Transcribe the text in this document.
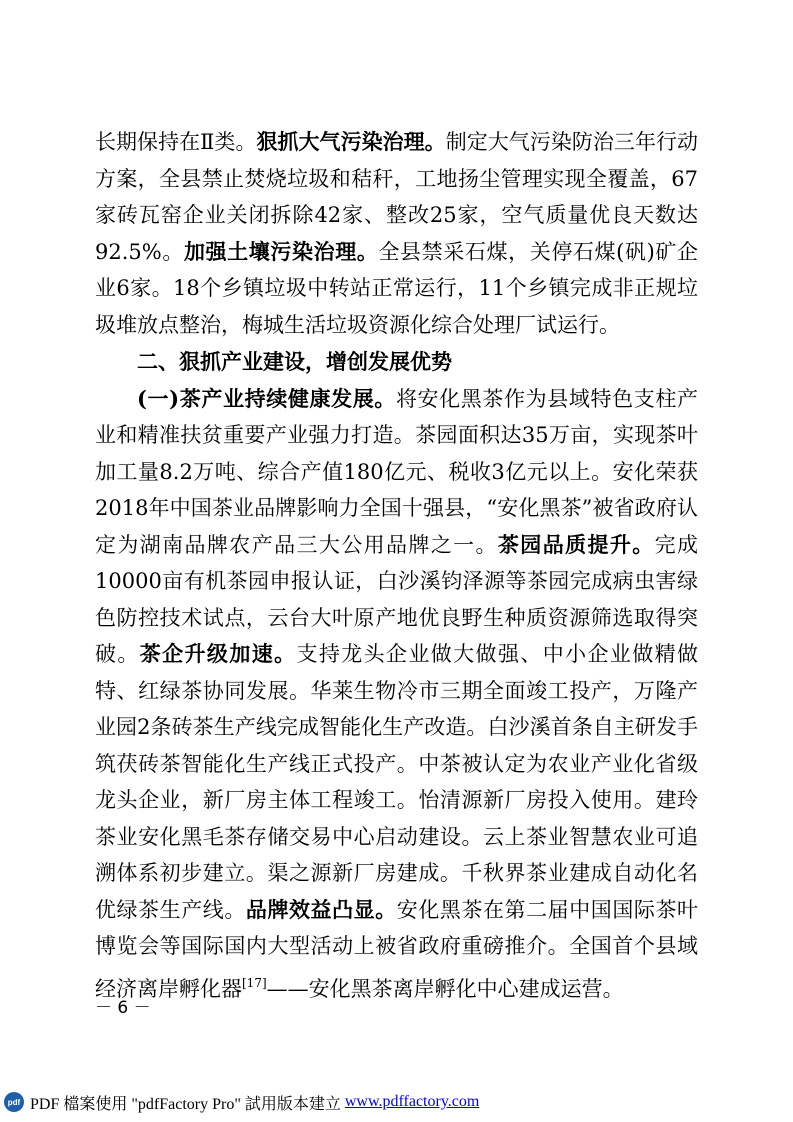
长期保持在Ⅱ类。狠抓大气污染治理。制定大气污染防治三年行动方案，全县禁止焚烧垃圾和秸秆，工地扬尘管理实现全覆盖，67家砖瓦窑企业关闭拆除42家、整改25家，空气质量优良天数达92.5%。加强土壤污染治理。全县禁采石煤，关停石煤(矾)矿企业6家。18个乡镇垃圾中转站正常运行，11个乡镇完成非正规垃圾堆放点整治，梅城生活垃圾资源化综合处理厂试运行。

二、狠抓产业建设，增创发展优势

(一)茶产业持续健康发展。将安化黑茶作为县域特色支柱产业和精准扶贫重要产业强力打造。茶园面积达35万亩，实现茶叶加工量8.2万吨、综合产值180亿元、税收3亿元以上。安化荣获2018年中国茶业品牌影响力全国十强县，“安化黑茶”被省政府认定为湖南品牌农产品三大公用品牌之一。茶园品质提升。完成10000亩有机茶园申报认证，白沙溪钧泽源等茶园完成病虫害绿色防控技术试点，云台大叶原产地优良野生种质资源筛选取得突破。茶企升级加速。支持龙头企业做大做强、中小企业做精做特、红绿茶协同发展。华莱生物冷市三期全面竣工投产，万隆产业园2条砖茶生产线完成智能化生产改造。白沙溪首条自主研发手筑茯砖茶智能化生产线正式投产。中茶被认定为农业产业化省级龙头企业，新厂房主体工程竣工。怡清源新厂房投入使用。建玲茶业安化黑毛茶存储交易中心启动建设。云上茶业智慧农业可追溯体系初步建立。渠之源新厂房建成。千秋界茶业建成自动化名优绿茶生产线。品牌效益凸显。安化黑茶在第二届中国国际茶叶博览会等国际国内大型活动上被省政府重磅推介。全国首个县域经济离岸孵化器[17]——安化黑茶离岸孵化中心建成运营。

－ 6 －
pdf PDF 檔案使用 "pdfFactory Pro" 試用版本建立 www.pdffactory.com
